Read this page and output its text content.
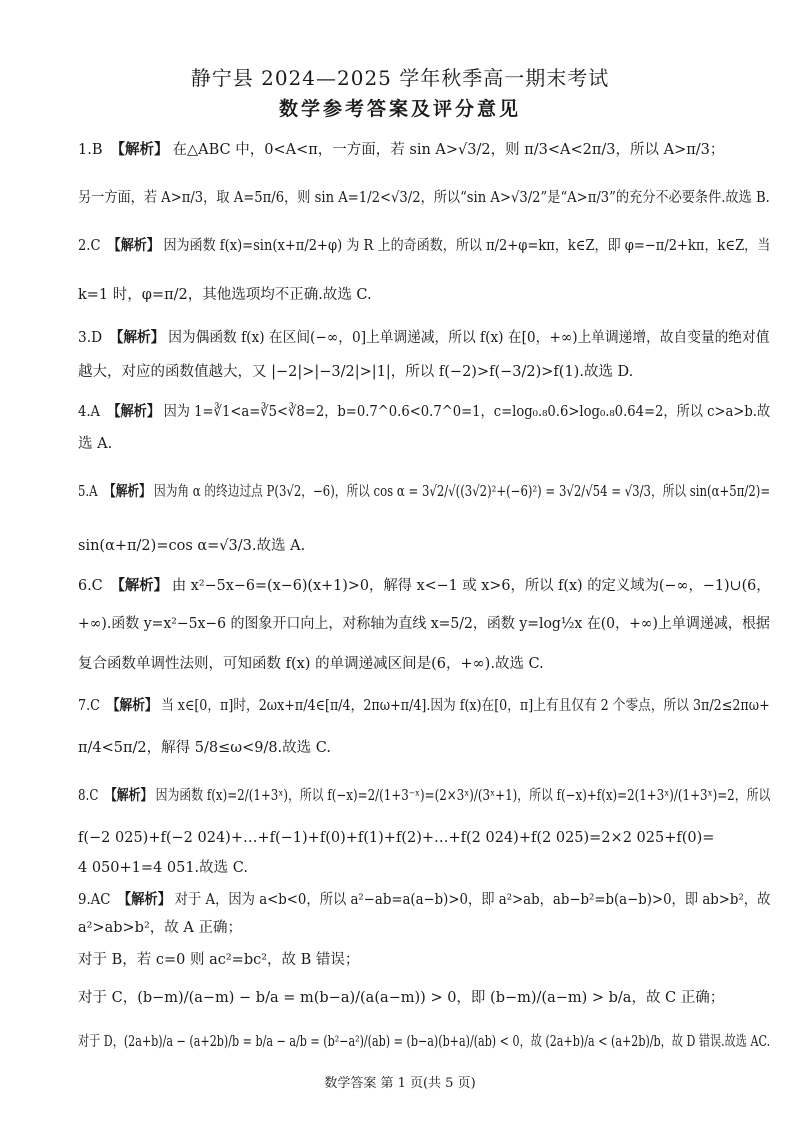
静宁县 2024—2025 学年秋季高一期末考试
数学参考答案及评分意见
1.B 【解析】 在△ABC 中，0<A<π，一方面，若 sin A>√3/2，则 π/3<A<2π/3，所以 A>π/3；
另一方面，若 A>π/3，取 A=5π/6，则 sin A=1/2<√3/2，所以“sin A>√3/2”是“A>π/3”的充分不必要条件.故选 B.
2.C 【解析】 因为函数 f(x)=sin(x+π/2+φ) 为 R 上的奇函数，所以 π/2+φ=kπ，k∈Z，即 φ=−π/2+kπ，k∈Z，当
k=1 时，φ=π/2，其他选项均不正确.故选 C.
3.D 【解析】 因为偶函数 f(x) 在区间(−∞，0]上单调递减，所以 f(x) 在[0，+∞)上单调递增，故自变量的绝对值
越大，对应的函数值越大，又 |−2|>|−3/2|>|1|，所以 f(−2)>f(−3/2)>f(1).故选 D.
4.A 【解析】 因为 1=∛1<a=∛5<∛8=2，b=0.7^0.6<0.7^0=1，c=log₀.₈0.6>log₀.₈0.64=2，所以 c>a>b.故
选 A.
5.A 【解析】 因为角 α 的终边过点 P(3√2，−6)，所以 cos α = 3√2/√((3√2)²+(−6)²) = 3√2/√54 = √3/3，所以 sin(α+5π/2)=
sin(α+π/2)=cos α=√3/3.故选 A.
6.C 【解析】 由 x²−5x−6=(x−6)(x+1)>0，解得 x<−1 或 x>6，所以 f(x) 的定义域为(−∞，−1)∪(6，
+∞).函数 y=x²−5x−6 的图象开口向上，对称轴为直线 x=5/2，函数 y=log½x 在(0，+∞)上单调递减，根据
复合函数单调性法则，可知函数 f(x) 的单调递减区间是(6，+∞).故选 C.
7.C 【解析】 当 x∈[0，π]时，2ωx+π/4∈[π/4，2πω+π/4].因为 f(x)在[0，π]上有且仅有 2 个零点，所以 3π/2≤2πω+
π/4<5π/2，解得 5/8≤ω<9/8.故选 C.
8.C 【解析】 因为函数 f(x)=2/(1+3ˣ)，所以 f(−x)=2/(1+3⁻ˣ)=(2×3ˣ)/(3ˣ+1)，所以 f(−x)+f(x)=2(1+3ˣ)/(1+3ˣ)=2，所以
f(−2 025)+f(−2 024)+…+f(−1)+f(0)+f(1)+f(2)+…+f(2 024)+f(2 025)=2×2 025+f(0)=
4 050+1=4 051.故选 C.
9.AC 【解析】 对于 A，因为 a<b<0，所以 a²−ab=a(a−b)>0，即 a²>ab，ab−b²=b(a−b)>0，即 ab>b²，故
a²>ab>b²，故 A 正确；
对于 B，若 c=0 则 ac²=bc²，故 B 错误；
对于 C，(b−m)/(a−m) − b/a = m(b−a)/(a(a−m)) > 0，即 (b−m)/(a−m) > b/a，故 C 正确；
对于 D，(2a+b)/a − (a+2b)/b = b/a − a/b = (b²−a²)/(ab) = (b−a)(b+a)/(ab) < 0，故 (2a+b)/a < (a+2b)/b，故 D 错误.故选 AC.
数学答案 第 1 页(共 5 页)
